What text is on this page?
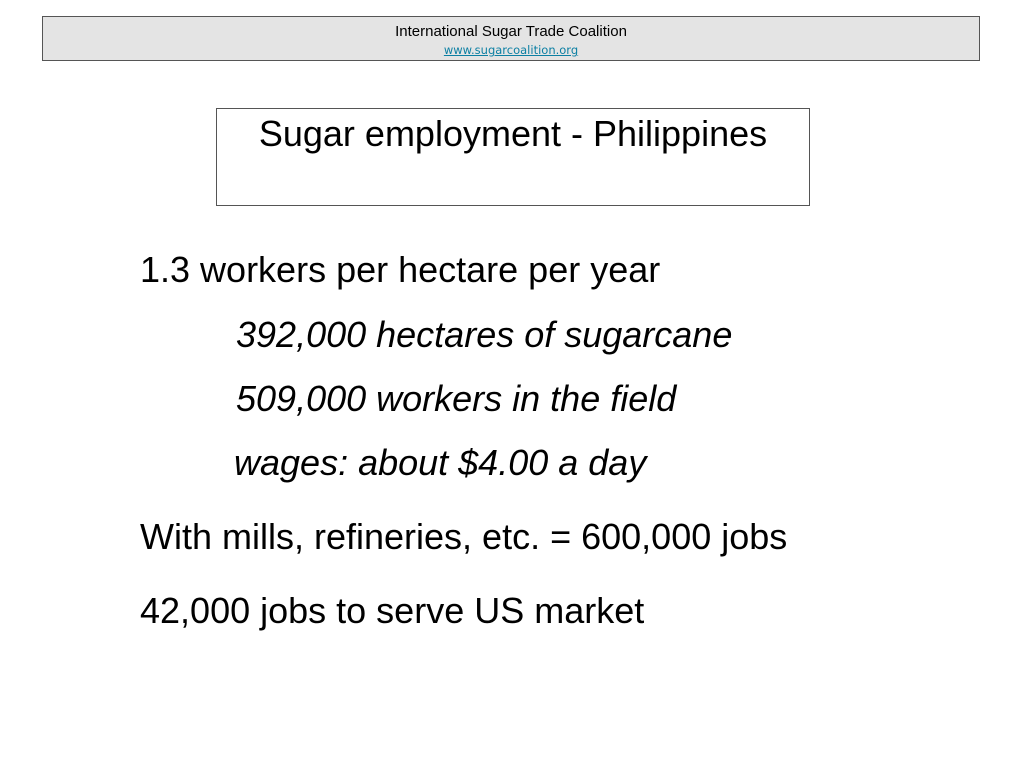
International Sugar Trade Coalition
www.sugarcoalition.org
Sugar employment - Philippines
1.3 workers per hectare per year
392,000 hectares of sugarcane
509,000 workers in the field
wages: about $4.00 a day
With mills, refineries, etc. = 600,000 jobs
42,000 jobs to serve US market
